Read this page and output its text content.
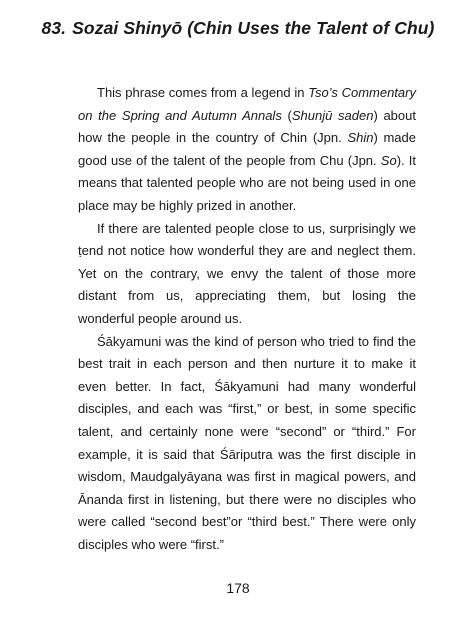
83. Sozai Shinyō (Chin Uses the Talent of Chu)

This phrase comes from a legend in Tso’s Commentary on the Spring and Autumn Annals (Shunjū saden) about how the people in the country of Chin (Jpn. Shin) made good use of the talent of the people from Chu (Jpn. So). It means that talented people who are not being used in one place may be highly prized in another.

If there are talented people close to us, surprisingly we ṭend not notice how wonderful they are and neglect them. Yet on the contrary, we envy the talent of those more distant from us, appreciating them, but losing the wonderful people around us.

Śākyamuni was the kind of person who tried to find the best trait in each person and then nurture it to make it even better. In fact, Śākyamuni had many wonderful disciples, and each was “first,” or best, in some specific talent, and certainly none were “second” or “third.” For example, it is said that Śāriputra was the first disciple in wisdom, Maudgalyāyana was first in magical powers, and Ānanda first in listening, but there were no disciples who were called “second best”or “third best.” There were only disciples who were “first.”

178
